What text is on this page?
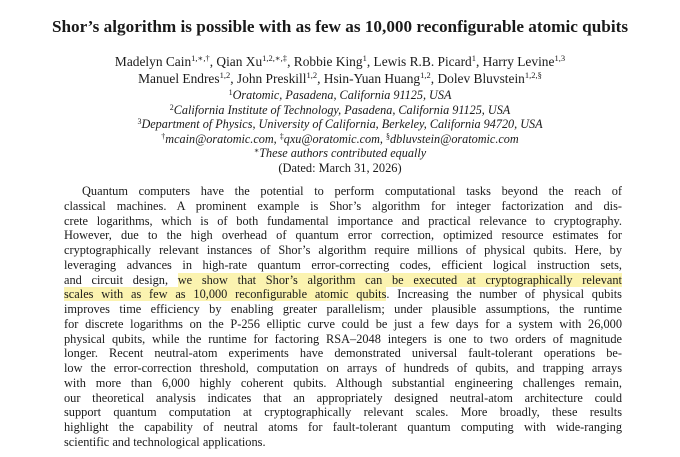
Shor’s algorithm is possible with as few as 10,000 reconfigurable atomic qubits
Madelyn Cain$^{1,∗,\dagger}$, Qian $Xu^{1,2,∗,\ddagger}$, Robbie King$^1$, Lewis R.B. Picard$^1$, Harry Levine$^{1,3}$
Manuel Endres$^{1,2}$, John Preskill$^{1,2}$, Hsin-Yuan Huang$^{1,2}$, Dolev Bluvstein$^{1,2,\S}$
$^1$Oratomic, Pasadena, California 91125, USA
$^2$California Institute of Technology, Pasadena, California 91125, USA
$^3$Department of Physics, University of California, Berkeley, California 94720, USA
†mcain@oratomic.com, ‡qxu@oratomic.com, §dbluvstein@oratomic.com
∗These authors contributed equally
(Dated: March 31, 2026)
Quantum computers have the potential to perform computational tasks beyond the reach of
classical machines. A prominent example is Shor’s algorithm for integer factorization and dis-
crete logarithms, which is of both fundamental importance and practical relevance to cryptography.
However, due to the high overhead of quantum error correction, optimized resource estimates for
cryptographically relevant instances of Shor’s algorithm require millions of physical qubits. Here, by
leveraging advances in high-rate quantum error-correcting codes, efficient logical instruction sets,
and circuit design, we show that Shor’s algorithm can be executed at cryptographically relevant
scales with as few as 10,000 reconfigurable atomic qubits. Increasing the number of physical qubits
improves time efficiency by enabling greater parallelism; under plausible assumptions, the runtime
for discrete logarithms on the P-256 elliptic curve could be just a few days for a system with 26,000
physical qubits, while the runtime for factoring RSA–2048 integers is one to two orders of magnitude
longer. Recent neutral-atom experiments have demonstrated universal fault-tolerant operations be-
low the error-correction threshold, computation on arrays of hundreds of qubits, and trapping arrays
with more than 6,000 highly coherent qubits. Although substantial engineering challenges remain,
our theoretical analysis indicates that an appropriately designed neutral-atom architecture could
support quantum computation at cryptographically relevant scales. More broadly, these results
highlight the capability of neutral atoms for fault-tolerant quantum computing with wide-ranging
scientific and technological applications.
